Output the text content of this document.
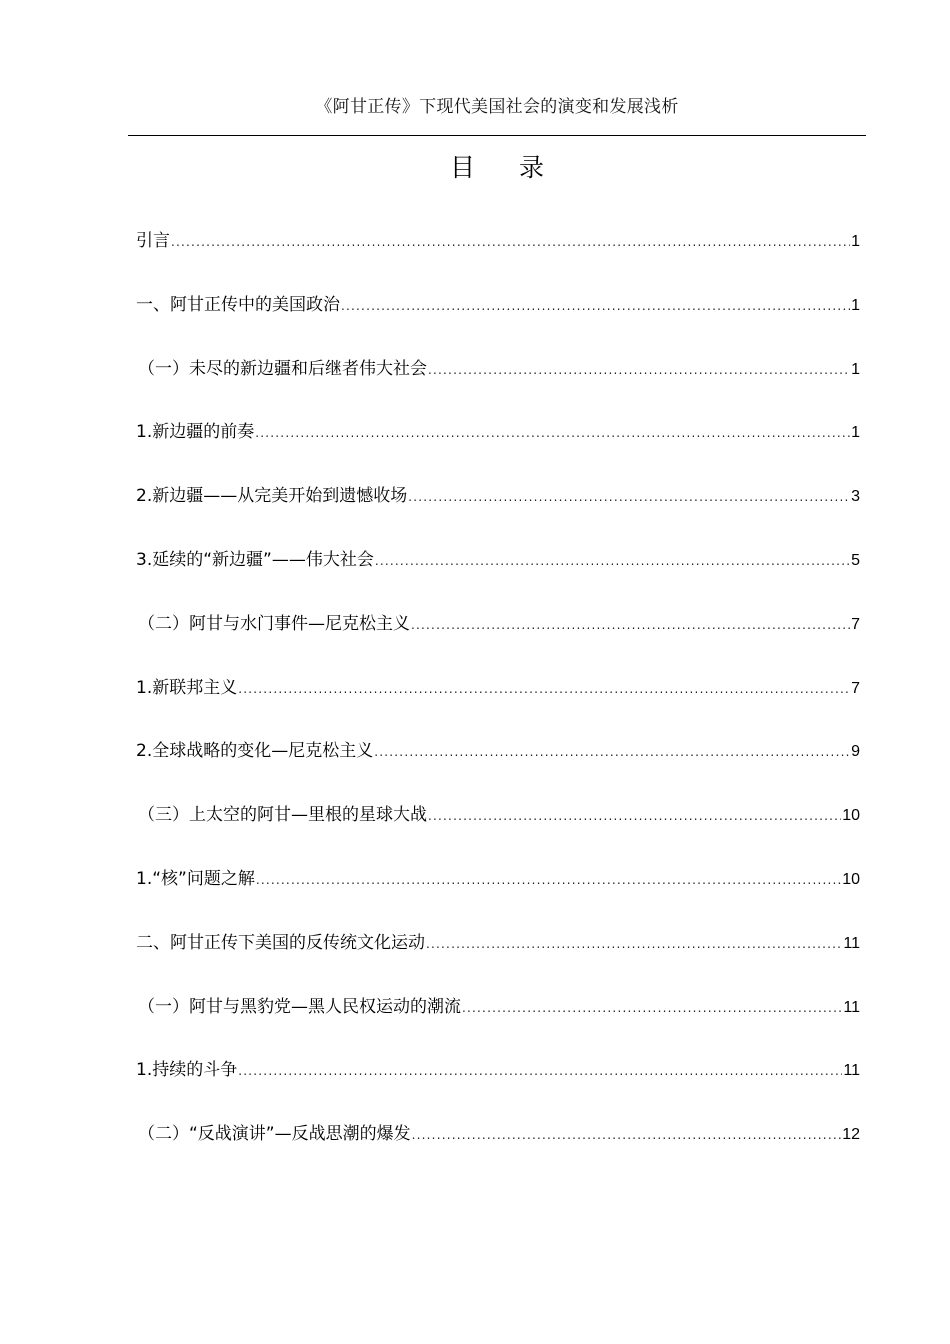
《阿甘正传》下现代美国社会的演变和发展浅析
目 录
引言 .....	1
一、阿甘正传中的美国政治 .....	1
（一）未尽的新边疆和后继者伟大社会 .....	1
1.新边疆的前奏 .....	1
2.新边疆——从完美开始到遗憾收场 .....	3
3.延续的“新边疆”——伟大社会 .....	5
（二）阿甘与水门事件—尼克松主义 .....	7
1.新联邦主义 .....	7
2.全球战略的变化—尼克松主义 .....	9
（三）上太空的阿甘—里根的星球大战 .....	10
1.“核”问题之解 .....	10
二、阿甘正传下美国的反传统文化运动 .....	11
（一）阿甘与黑豹党—黑人民权运动的潮流 .....	11
1.持续的斗争 .....	11
（二）“反战演讲”—反战思潮的爆发 .....	12
